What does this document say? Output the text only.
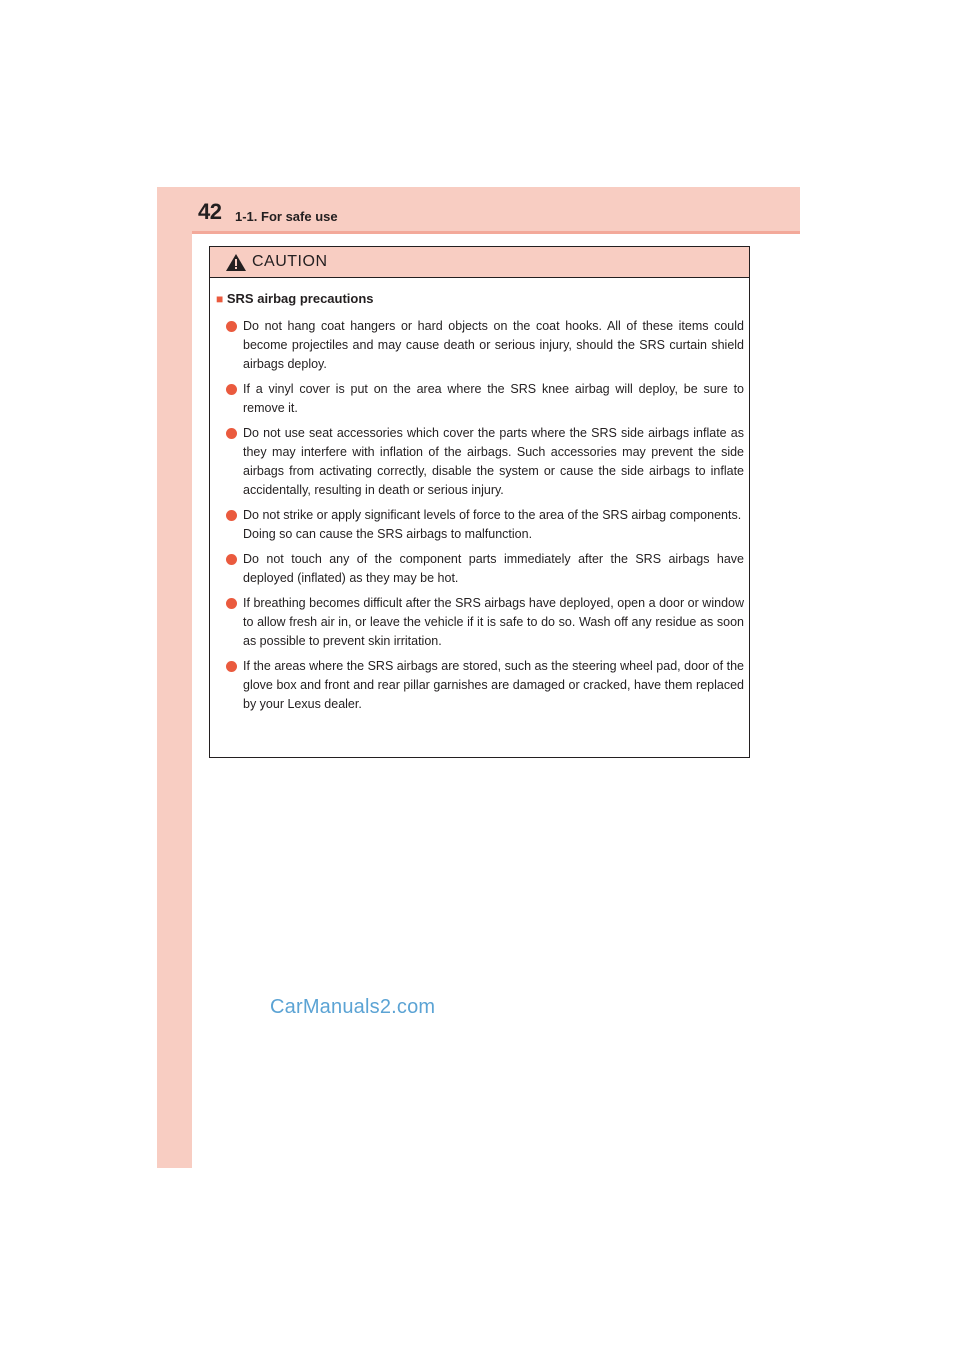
42 1-1. For safe use
CAUTION
■ SRS airbag precautions
Do not hang coat hangers or hard objects on the coat hooks. All of these items could become projectiles and may cause death or serious injury, should the SRS curtain shield airbags deploy.
If a vinyl cover is put on the area where the SRS knee airbag will deploy, be sure to remove it.
Do not use seat accessories which cover the parts where the SRS side airbags inflate as they may interfere with inflation of the airbags. Such accessories may prevent the side airbags from activating correctly, disable the system or cause the side airbags to inflate accidentally, resulting in death or serious injury.
Do not strike or apply significant levels of force to the area of the SRS airbag components.
Doing so can cause the SRS airbags to malfunction.
Do not touch any of the component parts immediately after the SRS airbags have deployed (inflated) as they may be hot.
If breathing becomes difficult after the SRS airbags have deployed, open a door or window to allow fresh air in, or leave the vehicle if it is safe to do so. Wash off any residue as soon as possible to prevent skin irritation.
If the areas where the SRS airbags are stored, such as the steering wheel pad, door of the glove box and front and rear pillar garnishes are damaged or cracked, have them replaced by your Lexus dealer.
CarManuals2.com
